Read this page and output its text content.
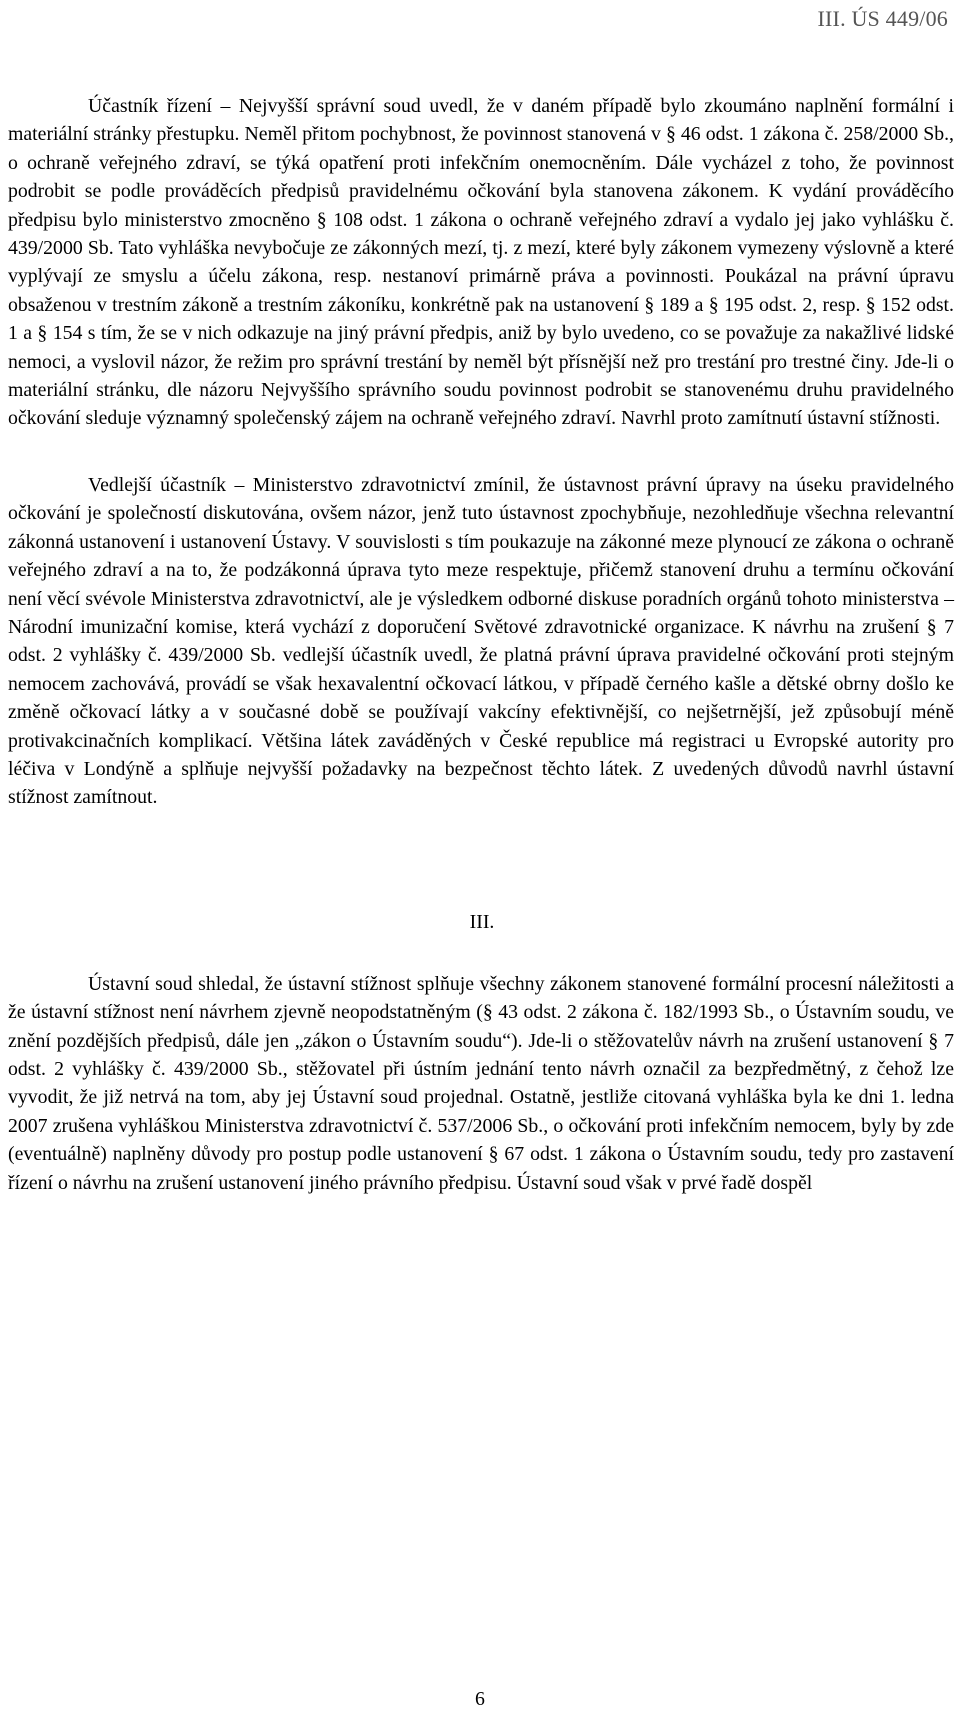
III. ÚS 449/06

Účastník řízení – Nejvyšší správní soud uvedl, že v daném případě bylo zkoumáno naplnění formální i materiální stránky přestupku. Neměl přitom pochybnost, že povinnost stanovená v § 46 odst. 1 zákona č. 258/2000 Sb., o ochraně veřejného zdraví, se týká opatření proti infekčním onemocněním. Dále vycházel z toho, že povinnost podrobit se podle prováděcích předpisů pravidelnému očkování byla stanovena zákonem. K vydání prováděcího předpisu bylo ministerstvo zmocněno § 108 odst. 1 zákona o ochraně veřejného zdraví a vydalo jej jako vyhlášku č. 439/2000 Sb. Tato vyhláška nevybočuje ze zákonných mezí, tj. z mezí, které byly zákonem vymezeny výslovně a které vyplývají ze smyslu a účelu zákona, resp. nestanoví primárně práva a povinnosti. Poukázal na právní úpravu obsaženou v trestním zákoně a trestním zákoníku, konkrétně pak na ustanovení § 189 a § 195 odst. 2, resp. § 152 odst. 1 a § 154 s tím, že se v nich odkazuje na jiný právní předpis, aniž by bylo uvedeno, co se považuje za nakažlivé lidské nemoci, a vyslovil názor, že režim pro správní trestání by neměl být přísnější než pro trestání pro trestné činy. Jde-li o materiální stránku, dle názoru Nejvyššího správního soudu povinnost podrobit se stanovenému druhu pravidelného očkování sleduje významný společenský zájem na ochraně veřejného zdraví. Navrhl proto zamítnutí ústavní stížnosti.

Vedlejší účastník – Ministerstvo zdravotnictví zmínil, že ústavnost právní úpravy na úseku pravidelného očkování je společností diskutována, ovšem názor, jenž tuto ústavnost zpochybňuje, nezohledňuje všechna relevantní zákonná ustanovení i ustanovení Ústavy. V souvislosti s tím poukazuje na zákonné meze plynoucí ze zákona o ochraně veřejného zdraví a na to, že podzákonná úprava tyto meze respektuje, přičemž stanovení druhu a termínu očkování není věcí svévole Ministerstva zdravotnictví, ale je výsledkem odborné diskuse poradních orgánů tohoto ministerstva – Národní imunizační komise, která vychází z doporučení Světové zdravotnické organizace. K návrhu na zrušení § 7 odst. 2 vyhlášky č. 439/2000 Sb. vedlejší účastník uvedl, že platná právní úprava pravidelné očkování proti stejným nemocem zachovává, provádí se však hexavalentní očkovací látkou, v případě černého kašle a dětské obrny došlo ke změně očkovací látky a v současné době se používají vakcíny efektivnější, co nejšetrnější, jež způsobují méně protivakcinačních komplikací. Většina látek zaváděných v České republice má registraci u Evropské autority pro léčiva v Londýně a splňuje nejvyšší požadavky na bezpečnost těchto látek. Z uvedených důvodů navrhl ústavní stížnost zamítnout.

III.

Ústavní soud shledal, že ústavní stížnost splňuje všechny zákonem stanovené formální procesní náležitosti a že ústavní stížnost není návrhem zjevně neopodstatněným (§ 43 odst. 2 zákona č. 182/1993 Sb., o Ústavním soudu, ve znění pozdějších předpisů, dále jen „zákon o Ústavním soudu“). Jde-li o stěžovatelův návrh na zrušení ustanovení § 7 odst. 2 vyhlášky č. 439/2000 Sb., stěžovatel při ústním jednání tento návrh označil za bezpředmětný, z čehož lze vyvodit, že již netrvá na tom, aby jej Ústavní soud projednal. Ostatně, jestliže citovaná vyhláška byla ke dni 1. ledna 2007 zrušena vyhláškou Ministerstva zdravotnictví č. 537/2006 Sb., o očkování proti infekčním nemocem, byly by zde (eventuálně) naplněny důvody pro postup podle ustanovení § 67 odst. 1 zákona o Ústavním soudu, tedy pro zastavení řízení o návrhu na zrušení ustanovení jiného právního předpisu. Ústavní soud však v prvé řadě dospěl

6
